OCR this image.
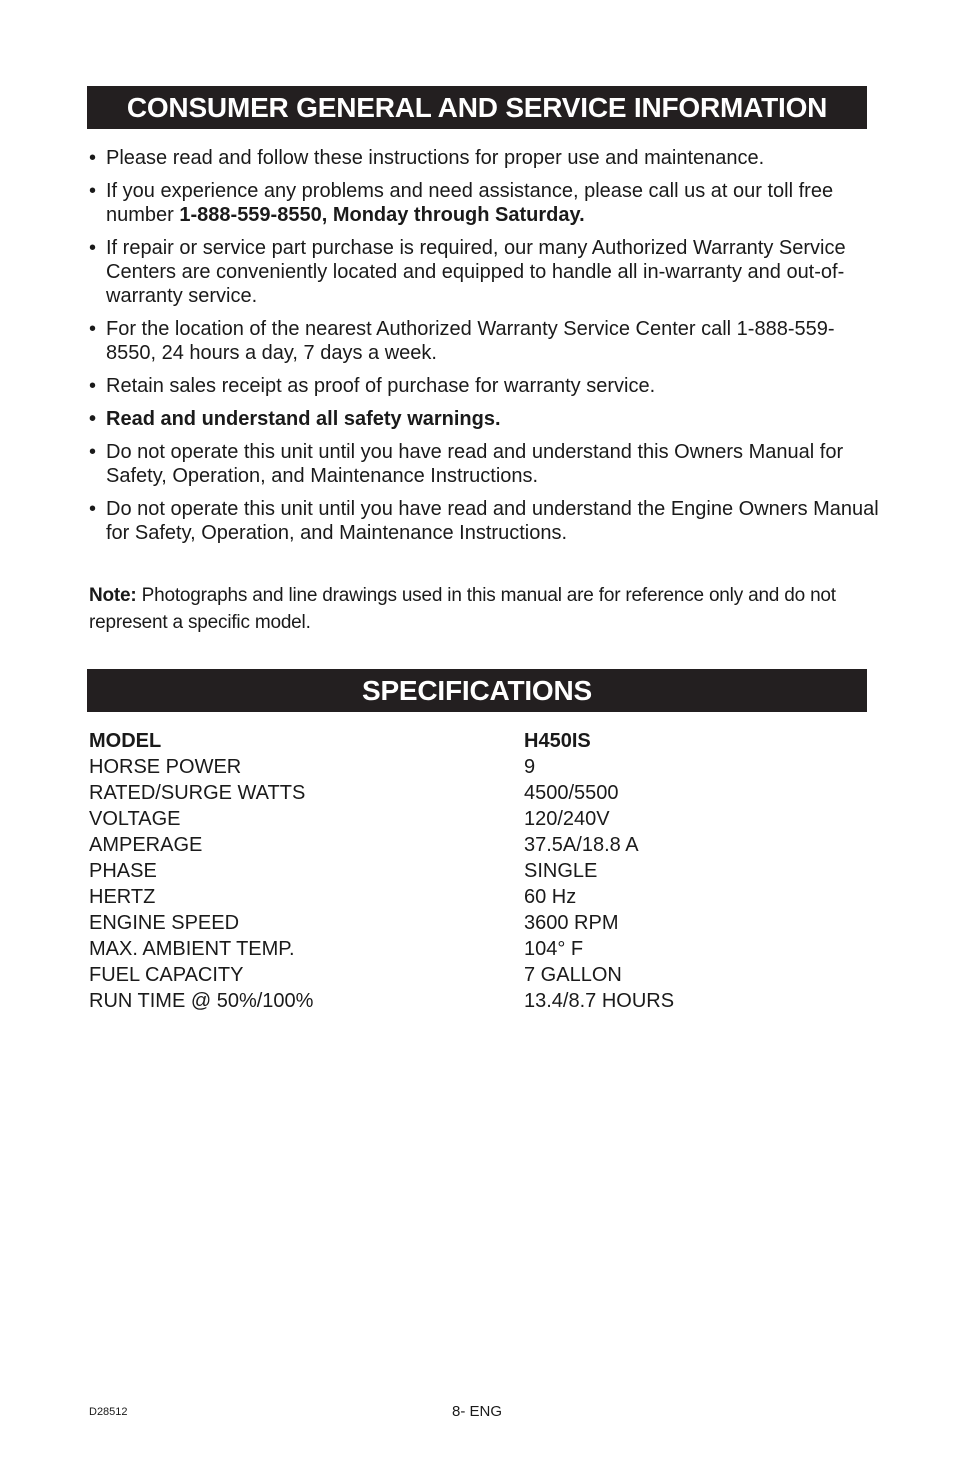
CONSUMER GENERAL AND SERVICE INFORMATION
• Please read and follow these instructions for proper use and maintenance.
• If you experience any problems and need assistance, please call us at our toll free number 1-888-559-8550, Monday through Saturday.
• If repair or service part purchase is required, our many Authorized Warranty Service Centers are conveniently located and equipped to handle all in-warranty and out-of-warranty service.
• For the location of the nearest Authorized Warranty Service Center call 1-888-559-8550, 24 hours a day, 7 days a week.
• Retain sales receipt as proof of purchase for warranty service.
• Read and understand all safety warnings.
• Do not operate this unit until you have read and understand this Owners Manual for Safety, Operation, and Maintenance Instructions.
• Do not operate this unit until you have read and understand the Engine Owners Manual for Safety, Operation, and Maintenance Instructions.

Note: Photographs and line drawings used in this manual are for reference only and do not represent a specific model.

SPECIFICATIONS
MODEL	H450IS
HORSE POWER	9
RATED/SURGE WATTS	4500/5500
VOLTAGE	120/240V
AMPERAGE	37.5A/18.8 A
PHASE	SINGLE
HERTZ	60 Hz
ENGINE SPEED	3600 RPM
MAX. AMBIENT TEMP.	104° F
FUEL CAPACITY	7 GALLON
RUN TIME @ 50%/100%	13.4/8.7 HOURS
D28512	8- ENG
